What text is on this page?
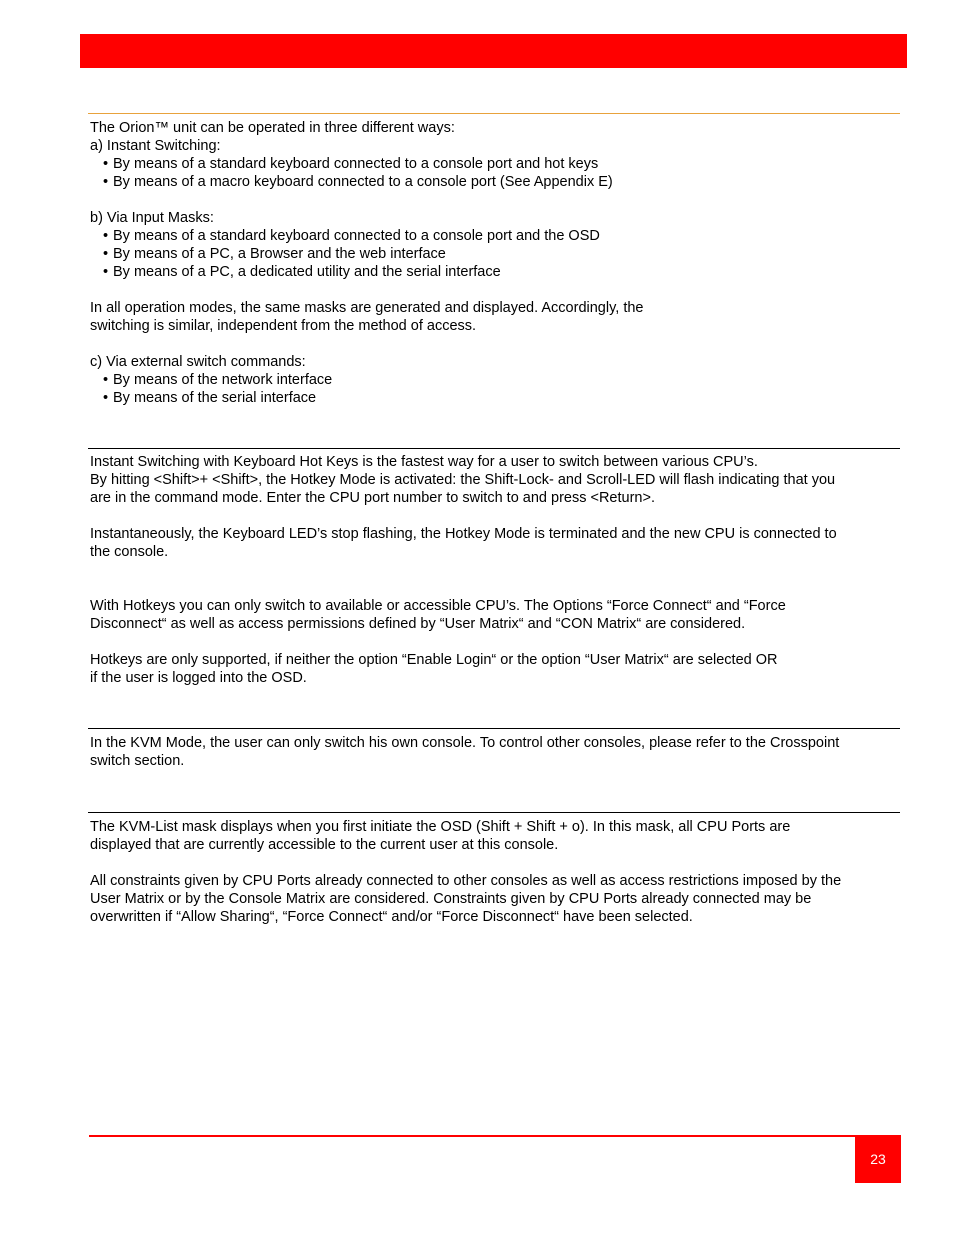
The Orion™ unit can be operated in three different ways:
a) Instant Switching:
• By means of a standard keyboard connected to a console port and hot keys
• By means of a macro keyboard connected to a console port (See Appendix E)
b) Via Input Masks:
• By means of a standard keyboard connected to a console port and the OSD
• By means of a PC, a Browser and the web interface
• By means of a PC, a dedicated utility and the serial interface
In all operation modes, the same masks are generated and displayed. Accordingly, the
switching is similar, independent from the method of access.
c) Via external switch commands:
• By means of the network interface
• By means of the serial interface
Instant Switching with Keyboard Hot Keys is the fastest way for a user to switch between various CPU’s.
By hitting <Shift>+ <Shift>, the Hotkey Mode is activated: the Shift-Lock- and Scroll-LED will flash indicating that you
are in the command mode. Enter the CPU port number to switch to and press <Return>.
Instantaneously, the Keyboard LED’s stop flashing, the Hotkey Mode is terminated and the new CPU is connected to
the console.
With Hotkeys you can only switch to available or accessible CPU’s. The Options “Force Connect“ and “Force
Disconnect“ as well as access permissions defined by “User Matrix“ and “CON Matrix“ are considered.
Hotkeys are only supported, if neither the option “Enable Login“ or the option “User Matrix“ are selected OR
if the user is logged into the OSD.
In the KVM Mode, the user can only switch his own console. To control other consoles, please refer to the Crosspoint
switch section.
The KVM-List mask displays when you first initiate the OSD (Shift + Shift + o). In this mask, all CPU Ports are
displayed that are currently accessible to the current user at this console.
All constraints given by CPU Ports already connected to other consoles as well as access restrictions imposed by the
User Matrix or by the Console Matrix are considered. Constraints given by CPU Ports already connected may be
overwritten if “Allow Sharing“, “Force Connect“ and/or “Force Disconnect“ have been selected.
23
